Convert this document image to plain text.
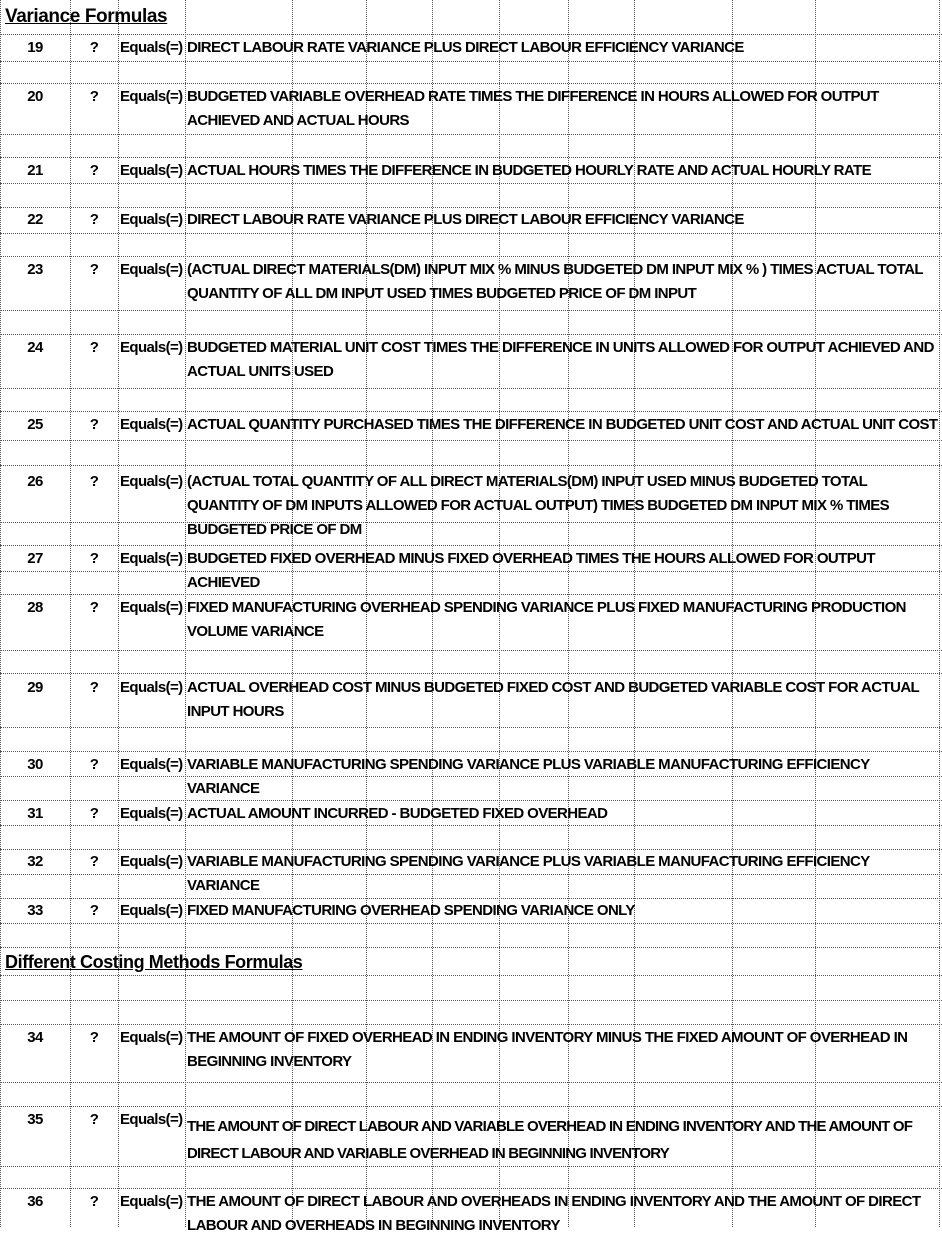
Variance Formulas
Different Costing Methods Formulas
19	?	Equals(=) DIRECT LABOUR RATE VARIANCE PLUS DIRECT LABOUR EFFICIENCY VARIANCE
20	?	Equals(=) BUDGETED VARIABLE OVERHEAD RATE TIMES THE DIFFERENCE IN HOURS ALLOWED FOR OUTPUT ACHIEVED AND ACTUAL HOURS
21	?	Equals(=) ACTUAL HOURS TIMES THE DIFFERENCE IN BUDGETED HOURLY RATE AND ACTUAL HOURLY RATE
22	?	Equals(=) DIRECT LABOUR RATE VARIANCE PLUS DIRECT LABOUR EFFICIENCY VARIANCE
23	?	Equals(=) (ACTUAL DIRECT MATERIALS(DM) INPUT MIX % MINUS BUDGETED DM INPUT MIX % ) TIMES ACTUAL TOTAL QUANTITY OF ALL DM INPUT USED TIMES BUDGETED PRICE OF DM INPUT
24	?	Equals(=) BUDGETED MATERIAL UNIT COST TIMES THE DIFFERENCE IN UNITS ALLOWED FOR OUTPUT ACHIEVED AND ACTUAL UNITS USED
25	?	Equals(=) ACTUAL QUANTITY PURCHASED TIMES THE DIFFERENCE IN BUDGETED UNIT COST AND ACTUAL UNIT COST
26	?	Equals(=) (ACTUAL TOTAL QUANTITY OF ALL DIRECT MATERIALS(DM) INPUT USED MINUS BUDGETED TOTAL QUANTITY OF DM INPUTS ALLOWED FOR ACTUAL OUTPUT) TIMES BUDGETED DM INPUT MIX % TIMES BUDGETED PRICE OF DM
27	?	Equals(=) BUDGETED FIXED OVERHEAD MINUS FIXED OVERHEAD TIMES THE HOURS ALLOWED FOR OUTPUT ACHIEVED
28	?	Equals(=) FIXED MANUFACTURING OVERHEAD SPENDING VARIANCE PLUS FIXED MANUFACTURING PRODUCTION VOLUME VARIANCE
29	?	Equals(=) ACTUAL OVERHEAD COST MINUS BUDGETED FIXED COST AND BUDGETED VARIABLE COST FOR ACTUAL INPUT HOURS
30	?	Equals(=) VARIABLE MANUFACTURING SPENDING VARIANCE PLUS VARIABLE MANUFACTURING EFFICIENCY VARIANCE
31	?	Equals(=) ACTUAL AMOUNT INCURRED - BUDGETED FIXED OVERHEAD
32	?	Equals(=) VARIABLE MANUFACTURING SPENDING VARIANCE PLUS VARIABLE MANUFACTURING EFFICIENCY VARIANCE
33	?	Equals(=) FIXED MANUFACTURING OVERHEAD SPENDING VARIANCE ONLY
34	?	Equals(=) THE AMOUNT OF FIXED OVERHEAD IN ENDING INVENTORY MINUS THE FIXED AMOUNT OF OVERHEAD IN BEGINNING INVENTORY
35	?	Equals(=) THE AMOUNT OF DIRECT LABOUR AND VARIABLE OVERHEAD IN ENDING INVENTORY AND THE AMOUNT OF DIRECT LABOUR AND VARIABLE OVERHEAD IN BEGINNING INVENTORY
36	?	Equals(=) THE AMOUNT OF DIRECT LABOUR AND OVERHEADS IN ENDING INVENTORY AND THE AMOUNT OF DIRECT LABOUR AND OVERHEADS IN BEGINNING INVENTORY
